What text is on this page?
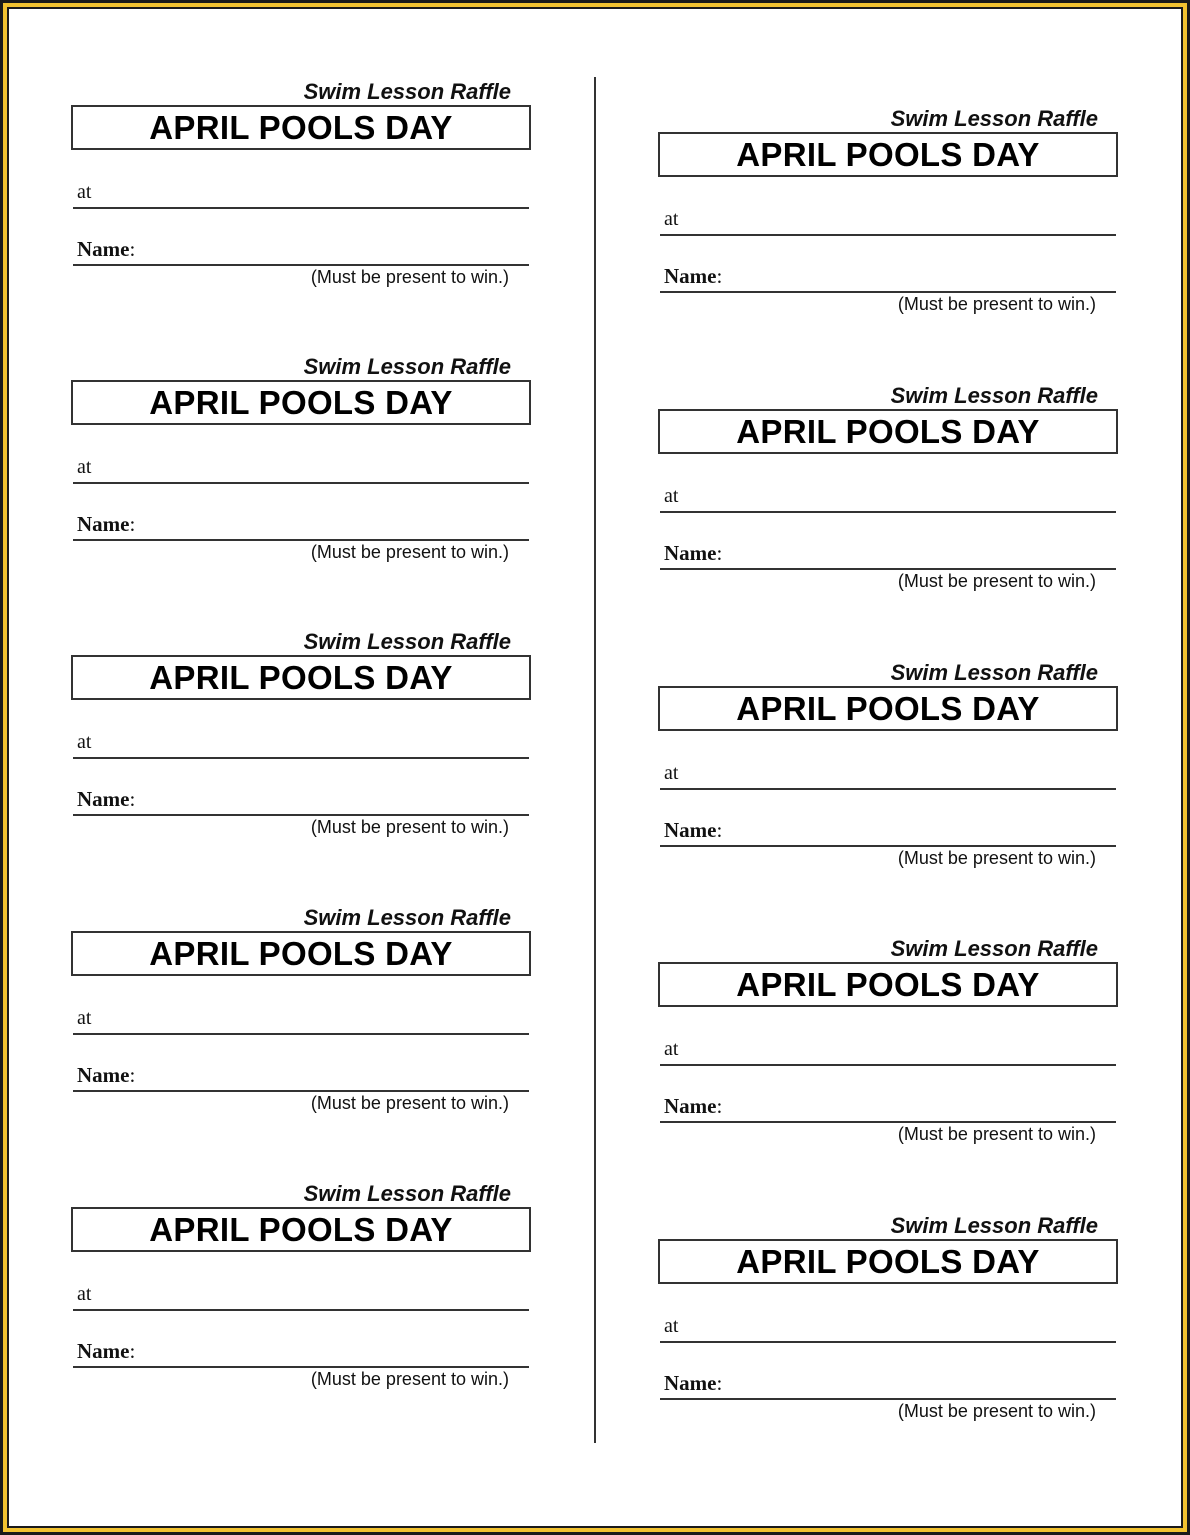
Swim Lesson Raffle
APRIL POOLS DAY
at
Name:
(Must be present to win.)
Swim Lesson Raffle
APRIL POOLS DAY
at
Name:
(Must be present to win.)
Swim Lesson Raffle
APRIL POOLS DAY
at
Name:
(Must be present to win.)
Swim Lesson Raffle
APRIL POOLS DAY
at
Name:
(Must be present to win.)
Swim Lesson Raffle
APRIL POOLS DAY
at
Name:
(Must be present to win.)
Swim Lesson Raffle
APRIL POOLS DAY
at
Name:
(Must be present to win.)
Swim Lesson Raffle
APRIL POOLS DAY
at
Name:
(Must be present to win.)
Swim Lesson Raffle
APRIL POOLS DAY
at
Name:
(Must be present to win.)
Swim Lesson Raffle
APRIL POOLS DAY
at
Name:
(Must be present to win.)
Swim Lesson Raffle
APRIL POOLS DAY
at
Name:
(Must be present to win.)
